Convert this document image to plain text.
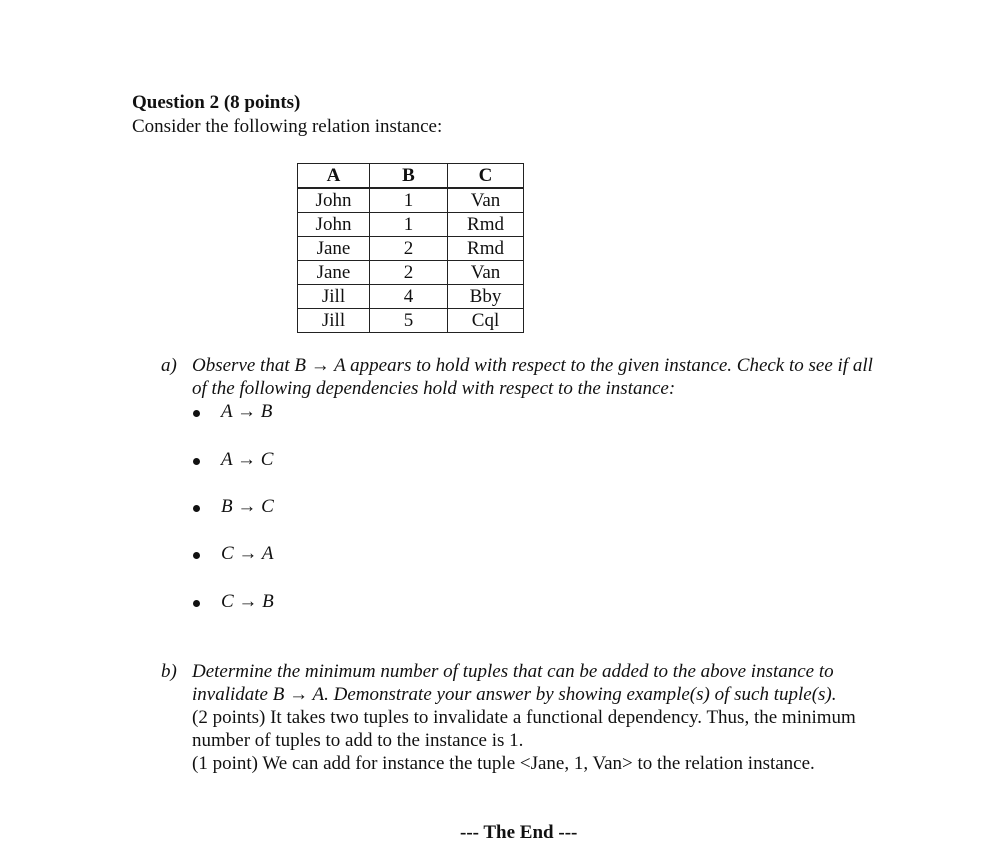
Question 2 (8 points)
Consider the following relation instance:
A	B	C
John	1	Van
John	1	Rmd
Jane	2	Rmd
Jane	2	Van
Jill	4	Bby
Jill	5	Cql
a) Observe that B → A appears to hold with respect to the given instance. Check to see if all
of the following dependencies hold with respect to the instance:
A → B
A → C
B → C
C → A
C → B
b) Determine the minimum number of tuples that can be added to the above instance to
invalidate B → A. Demonstrate your answer by showing example(s) of such tuple(s).
(2 points) It takes two tuples to invalidate a functional dependency. Thus, the minimum
number of tuples to add to the instance is 1.
(1 point) We can add for instance the tuple <Jane, 1, Van> to the relation instance.
--- The End ---
